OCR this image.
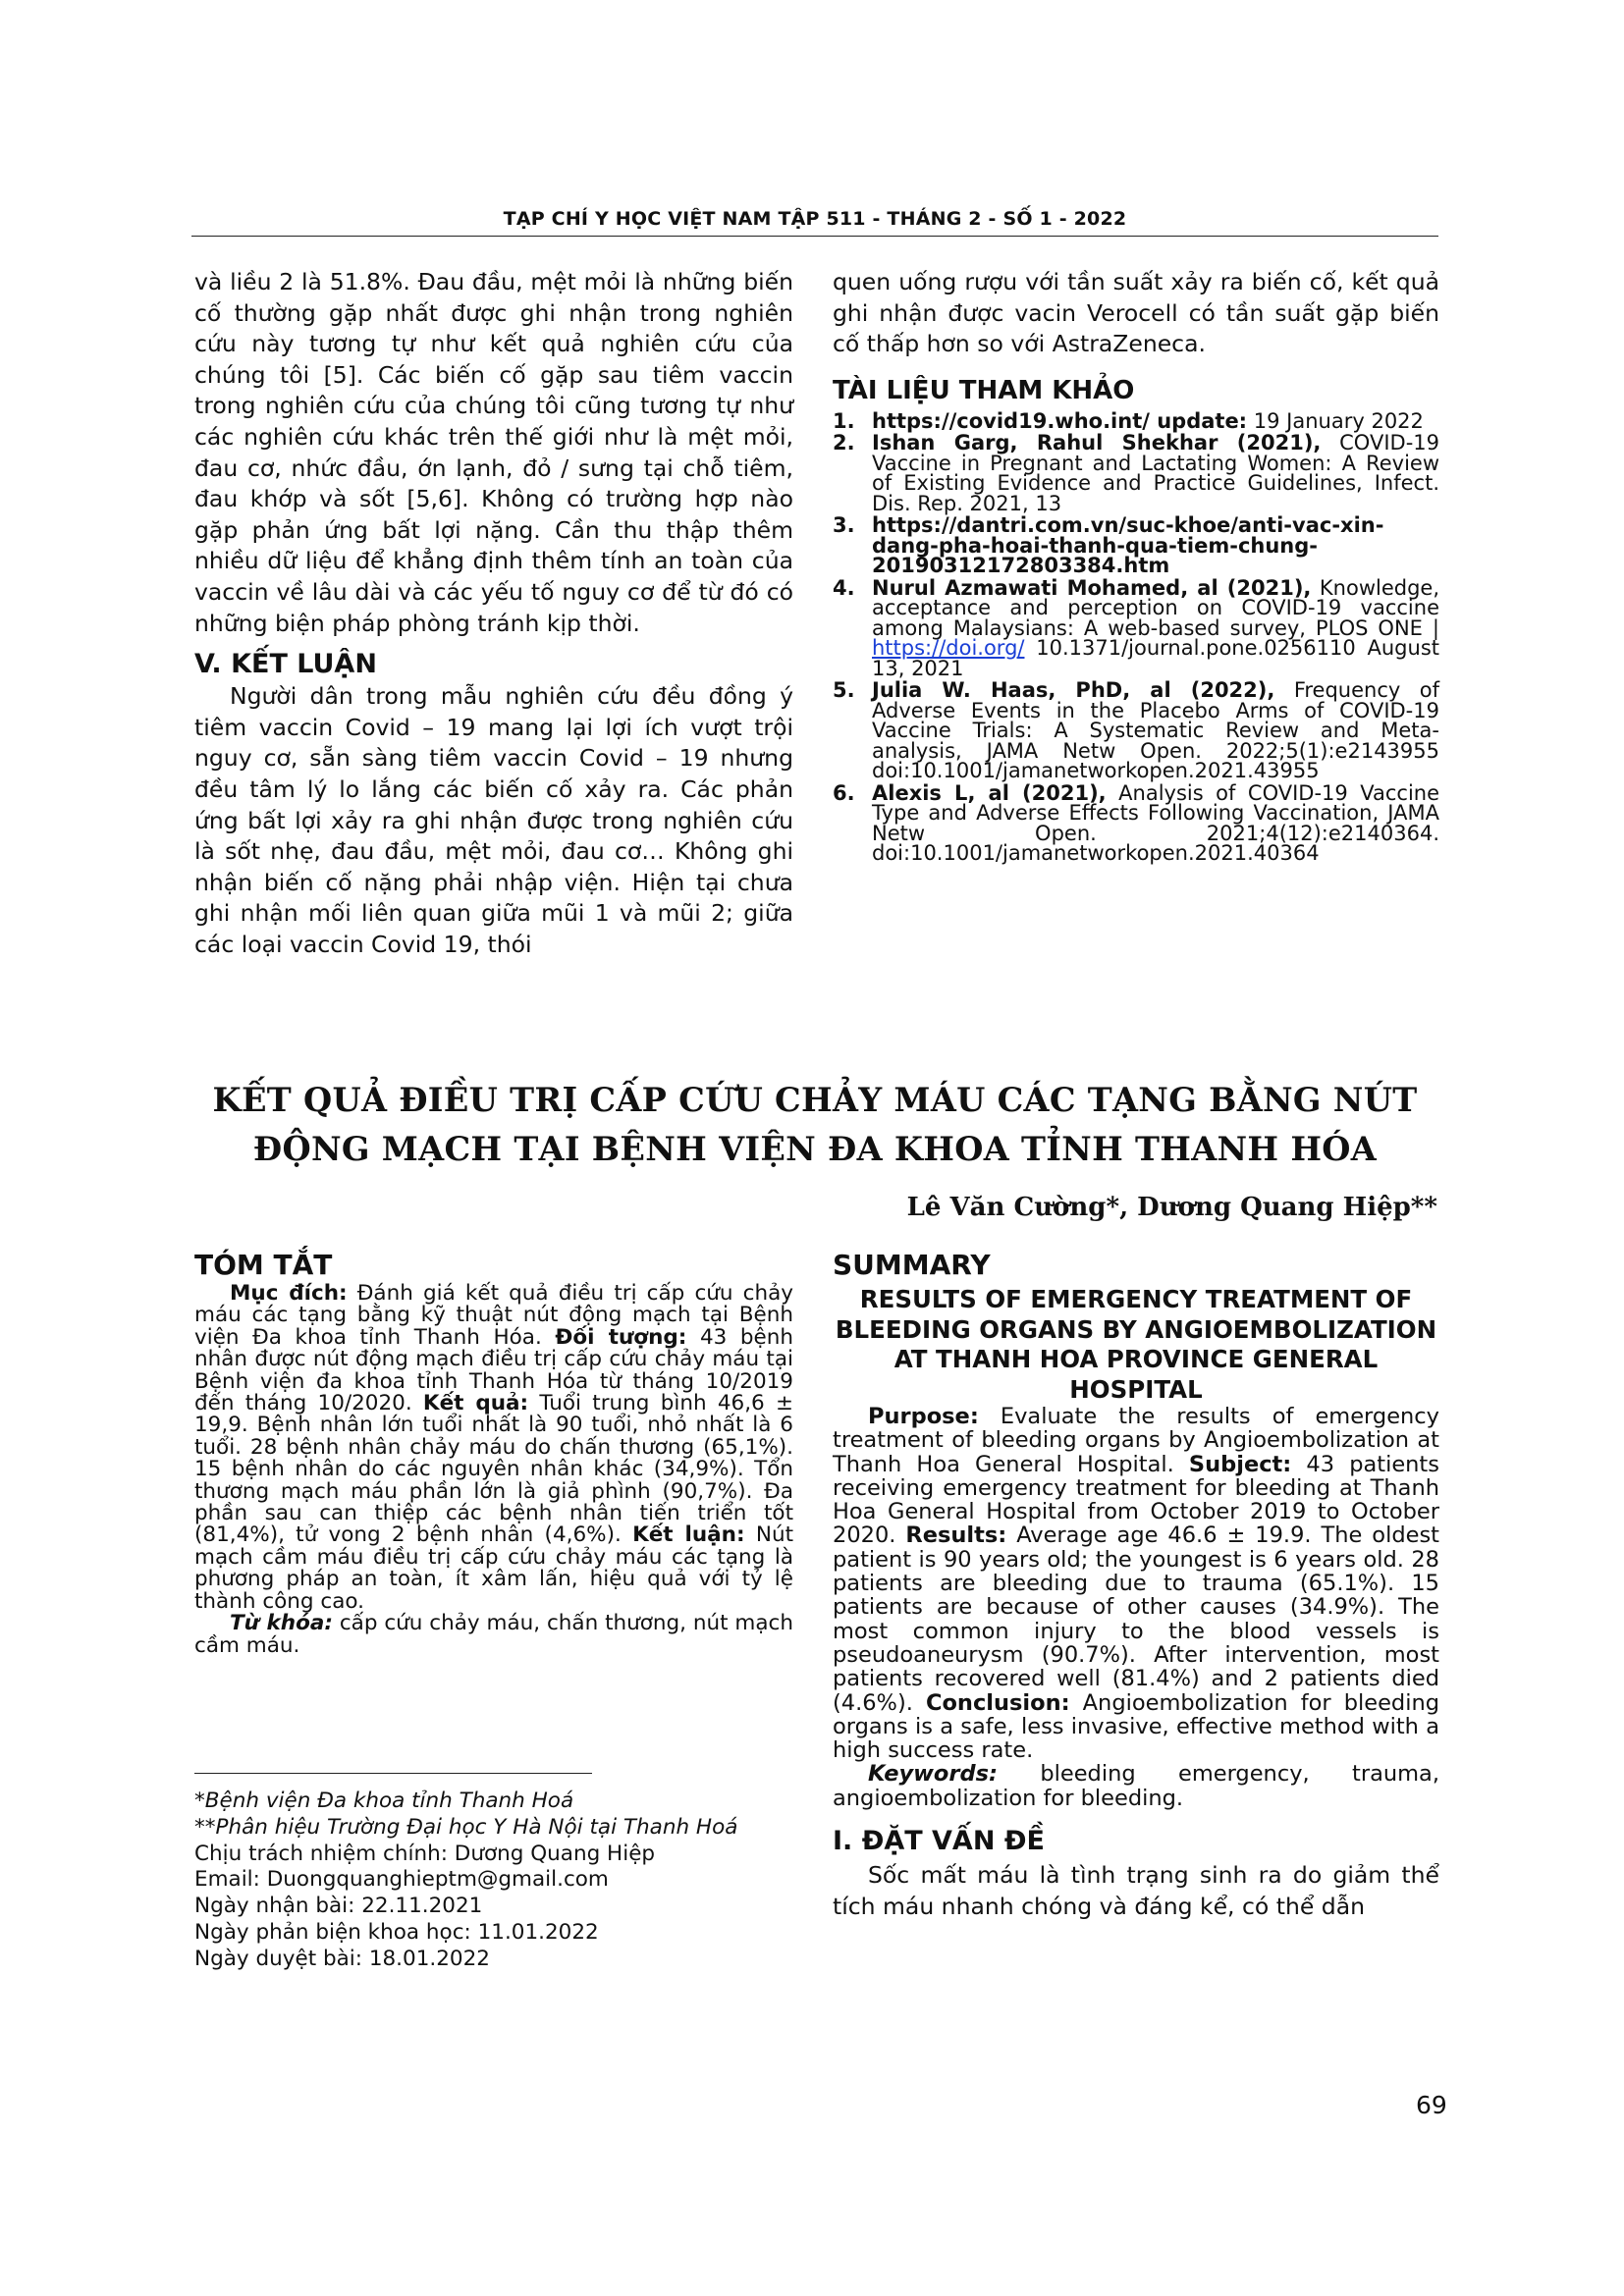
TẠP CHÍ Y HỌC VIỆT NAM TẬP 511 - THÁNG 2 - SỐ 1 - 2022

và liều 2 là 51.8%. Đau đầu, mệt mỏi là những biến cố thường gặp nhất được ghi nhận trong nghiên cứu này tương tự như kết quả nghiên cứu của chúng tôi [5]. Các biến cố gặp sau tiêm vaccin trong nghiên cứu của chúng tôi cũng tương tự như các nghiên cứu khác trên thế giới như là mệt mỏi, đau cơ, nhức đầu, ớn lạnh, đỏ / sưng tại chỗ tiêm, đau khớp và sốt [5,6]. Không có trường hợp nào gặp phản ứng bất lợi nặng. Cần thu thập thêm nhiều dữ liệu để khẳng định thêm tính an toàn của vaccin về lâu dài và các yếu tố nguy cơ để từ đó có những biện pháp phòng tránh kịp thời.

V. KẾT LUẬN

Người dân trong mẫu nghiên cứu đều đồng ý tiêm vaccin Covid – 19 mang lại lợi ích vượt trội nguy cơ, sẵn sàng tiêm vaccin Covid – 19 nhưng đều tâm lý lo lắng các biến cố xảy ra. Các phản ứng bất lợi xảy ra ghi nhận được trong nghiên cứu là sốt nhẹ, đau đầu, mệt mỏi, đau cơ… Không ghi nhận biến cố nặng phải nhập viện. Hiện tại chưa ghi nhận mối liên quan giữa mũi 1 và mũi 2; giữa các loại vaccin Covid 19, thói

quen uống rượu với tần suất xảy ra biến cố, kết quả ghi nhận được vacin Verocell có tần suất gặp biến cố thấp hơn so với AstraZeneca.

TÀI LIỆU THAM KHẢO

1. https://covid19.who.int/ update: 19 January 2022
2. Ishan Garg, Rahul Shekhar (2021), COVID-19 Vaccine in Pregnant and Lactating Women: A Review of Existing Evidence and Practice Guidelines, Infect. Dis. Rep. 2021, 13
3. https://dantri.com.vn/suc-khoe/anti-vac-xin-dang-pha-hoai-thanh-qua-tiem-chung-20190312172803384.htm
4. Nurul Azmawati Mohamed, al (2021), Knowledge, acceptance and perception on COVID-19 vaccine among Malaysians: A web-based survey, PLOS ONE | https://doi.org/ 10.1371/journal.pone.0256110 August 13, 2021
5. Julia W. Haas, PhD, al (2022), Frequency of Adverse Events in the Placebo Arms of COVID-19 Vaccine Trials: A Systematic Review and Meta-analysis, JAMA Netw Open. 2022;5(1):e2143955 doi:10.1001/jamanetworkopen.2021.43955
6. Alexis L, al (2021), Analysis of COVID-19 Vaccine Type and Adverse Effects Following Vaccination, JAMA Netw Open. 2021;4(12):e2140364. doi:10.1001/jamanetworkopen.2021.40364
KẾT QUẢ ĐIỀU TRỊ CẤP CỨU CHẢY MÁU CÁC TẠNG BẰNG NÚT
ĐỘNG MẠCH TẠI BỆNH VIỆN ĐA KHOA TỈNH THANH HÓA
Lê Văn Cường*, Dương Quang Hiệp**

TÓM TẮT

Mục đích: Đánh giá kết quả điều trị cấp cứu chảy máu các tạng bằng kỹ thuật nút động mạch tại Bệnh viện Đa khoa tỉnh Thanh Hóa. Đối tượng: 43 bệnh nhân được nút động mạch điều trị cấp cứu chảy máu tại Bệnh viện đa khoa tỉnh Thanh Hóa từ tháng 10/2019 đến tháng 10/2020. Kết quả: Tuổi trung bình 46,6 ± 19,9. Bệnh nhân lớn tuổi nhất là 90 tuổi, nhỏ nhất là 6 tuổi. 28 bệnh nhân chảy máu do chấn thương (65,1%). 15 bệnh nhân do các nguyên nhân khác (34,9%). Tổn thương mạch máu phần lớn là giả phình (90,7%). Đa phần sau can thiệp các bệnh nhân tiến triển tốt (81,4%), tử vong 2 bệnh nhân (4,6%). Kết luận: Nút mạch cầm máu điều trị cấp cứu chảy máu các tạng là phương pháp an toàn, ít xâm lấn, hiệu quả với tỷ lệ thành công cao.

Từ khóa: cấp cứu chảy máu, chấn thương, nút mạch cầm máu.

*Bệnh viện Đa khoa tỉnh Thanh Hoá
**Phân hiệu Trường Đại học Y Hà Nội tại Thanh Hoá
Chịu trách nhiệm chính: Dương Quang Hiệp
Email: Duongquanghieptm@gmail.com
Ngày nhận bài: 22.11.2021
Ngày phản biện khoa học: 11.01.2022
Ngày duyệt bài: 18.01.2022

SUMMARY

RESULTS OF EMERGENCY TREATMENT OF BLEEDING ORGANS BY ANGIOEMBOLIZATION AT THANH HOA PROVINCE GENERAL HOSPITAL

Purpose: Evaluate the results of emergency treatment of bleeding organs by Angioembolization at Thanh Hoa General Hospital. Subject: 43 patients receiving emergency treatment for bleeding at Thanh Hoa General Hospital from October 2019 to October 2020. Results: Average age 46.6 ± 19.9. The oldest patient is 90 years old; the youngest is 6 years old. 28 patients are bleeding due to trauma (65.1%). 15 patients are because of other causes (34.9%). The most common injury to the blood vessels is pseudoaneurysm (90.7%). After intervention, most patients recovered well (81.4%) and 2 patients died (4.6%). Conclusion: Angioembolization for bleeding organs is a safe, less invasive, effective method with a high success rate.

Keywords: bleeding emergency, trauma, angioembolization for bleeding.

I. ĐẶT VẤN ĐỀ

Sốc mất máu là tình trạng sinh ra do giảm thể tích máu nhanh chóng và đáng kể, có thể dẫn

69
